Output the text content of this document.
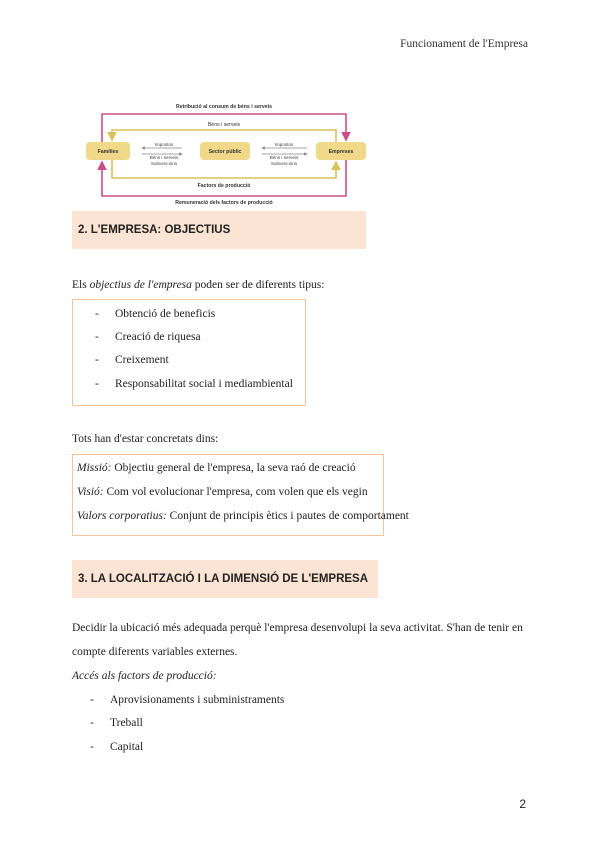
Funcionament de l'Empresa
Retribució al consum de béns i serveis
Béns i serveis
Famílies	Sector públic	Empreses
Impostos
Béns i serveis
Subvencions
Impostos
Béns i serveis
Subvencions
Factors de producció
Remuneració dels factors de producció
2. L'EMPRESA: OBJECTIUS
Els objectius de l'empresa poden ser de diferents tipus:
- Obtenció de beneficis
- Creació de riquesa
- Creixement
- Responsabilitat social i mediambiental
Tots han d'estar concretats dins:
Missió: Objectiu general de l'empresa, la seva raó de creació
Visió: Com vol evolucionar l'empresa, com volen que els vegin
Valors corporatius: Conjunt de principis ètics i pautes de comportament
3. LA LOCALITZACIÓ I LA DIMENSIÓ DE L'EMPRESA
Decidir la ubicació més adequada perquè l'empresa desenvolupi la seva activitat. S'han de tenir en
compte diferents variables externes.
Accés als factors de producció:
- Aprovisionaments i subministraments
- Treball
- Capital
2
